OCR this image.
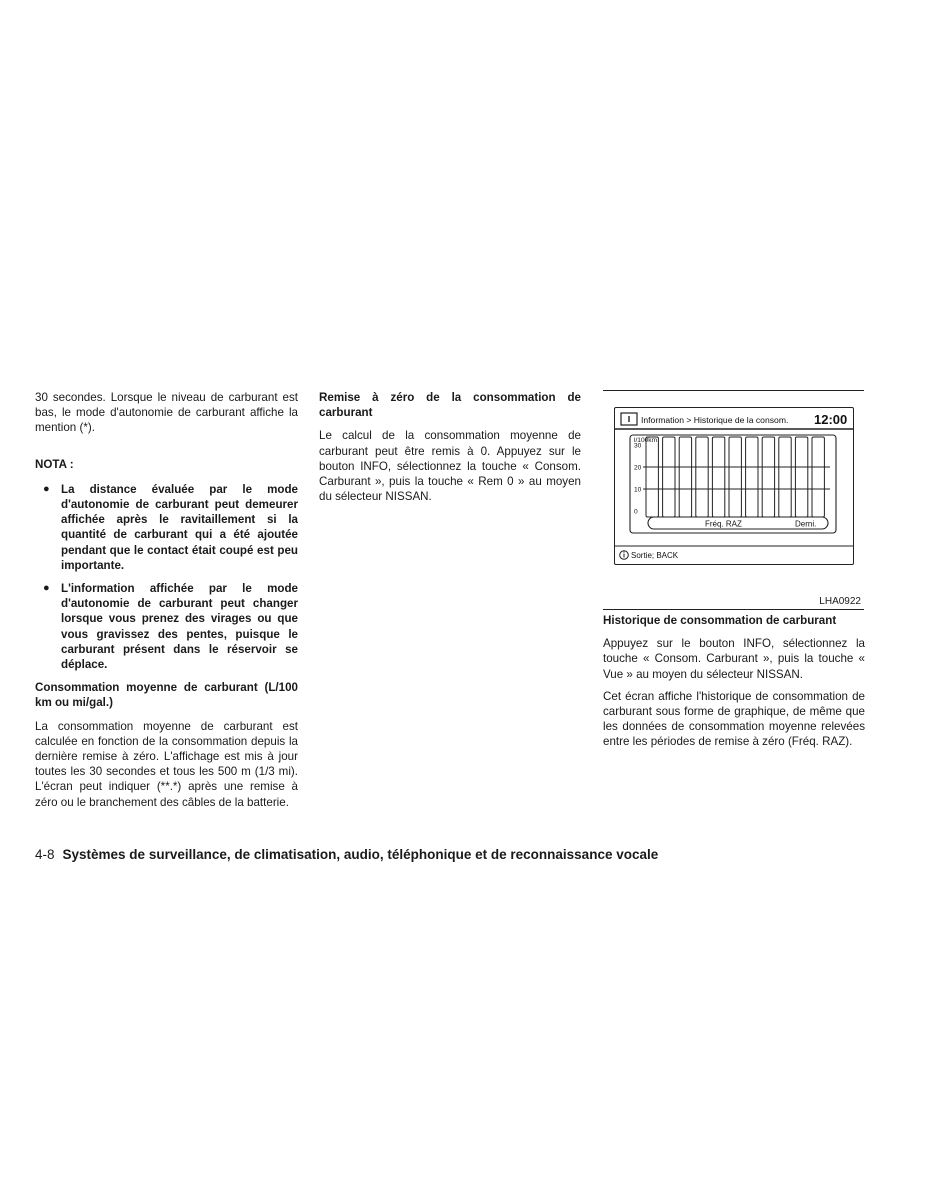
30 secondes. Lorsque le niveau de carburant est bas, le mode d'autonomie de carburant affiche la mention (*).

NOTA :

● La distance évaluée par le mode d'autonomie de carburant peut demeurer affichée après le ravitaillement si la quantité de carburant qui a été ajoutée pendant que le contact était coupé est peu importante.
● L'information affichée par le mode d'autonomie de carburant peut changer lorsque vous prenez des virages ou que vous gravissez des pentes, puisque le carburant présent dans le réservoir se déplace.

Consommation moyenne de carburant (L/100 km ou mi/gal.)

La consommation moyenne de carburant est calculée en fonction de la consommation depuis la dernière remise à zéro. L'affichage est mis à jour toutes les 30 secondes et tous les 500 m (1/3 mi). L'écran peut indiquer (**.*) après une remise à zéro ou le branchement des câbles de la batterie.

Remise à zéro de la consommation de carburant

Le calcul de la consommation moyenne de carburant peut être remis à 0. Appuyez sur le bouton INFO, sélectionnez la touche « Consom. Carburant », puis la touche « Rem 0 » au moyen du sélecteur NISSAN.

Information > Historique de la consom. 12:00
l/100km
30
20
10
0
Fréq. RAZ	Derni.
Sortie; BACK
LHA0922

Historique de consommation de carburant

Appuyez sur le bouton INFO, sélectionnez la touche « Consom. Carburant », puis la touche « Vue » au moyen du sélecteur NISSAN.

Cet écran affiche l'historique de consommation de carburant sous forme de graphique, de même que les données de consommation moyenne relevées entre les périodes de remise à zéro (Fréq. RAZ).

4-8 Systèmes de surveillance, de climatisation, audio, téléphonique et de reconnaissance vocale
